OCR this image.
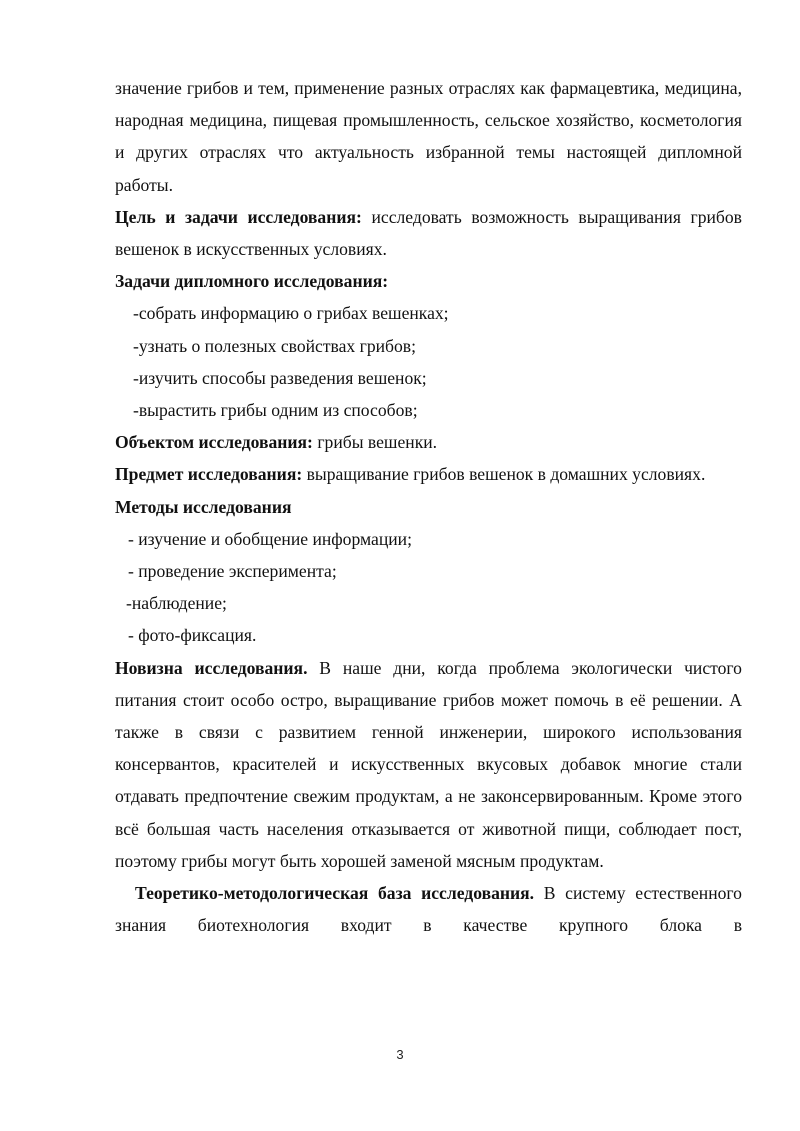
значение грибов и тем, применение разных отраслях как фармацевтика, медицина, народная медицина, пищевая промышленность, сельское хозяйство, косметология и других отраслях что актуальность избранной темы настоящей дипломной работы.

Цель и задачи исследования: исследовать возможность выращивания грибов вешенок в искусственных условиях.

Задачи дипломного исследования:

-собрать информацию о грибах вешенках;

-узнать о полезных свойствах грибов;

-изучить способы разведения вешенок;

-вырастить грибы одним из способов;

Объектом исследования: грибы вешенки.

Предмет исследования: выращивание грибов вешенок в домашних условиях.

Методы исследования

- изучение и обобщение информации;

- проведение эксперимента;

-наблюдение;

- фото-фиксация.

Новизна исследования. В наше дни, когда проблема экологически чистого питания стоит особо остро, выращивание грибов может помочь в её решении. А также в связи с развитием генной инженерии, широкого использования консервантов, красителей и искусственных вкусовых добавок многие стали отдавать предпочтение свежим продуктам, а не законсервированным. Кроме этого всё большая часть населения отказывается от животной пищи, соблюдает пост, поэтому грибы могут быть хорошей заменой мясным продуктам.

Теоретико-методологическая база исследования. В систему естественного знания биотехнология входит в качестве крупного блока в

3
